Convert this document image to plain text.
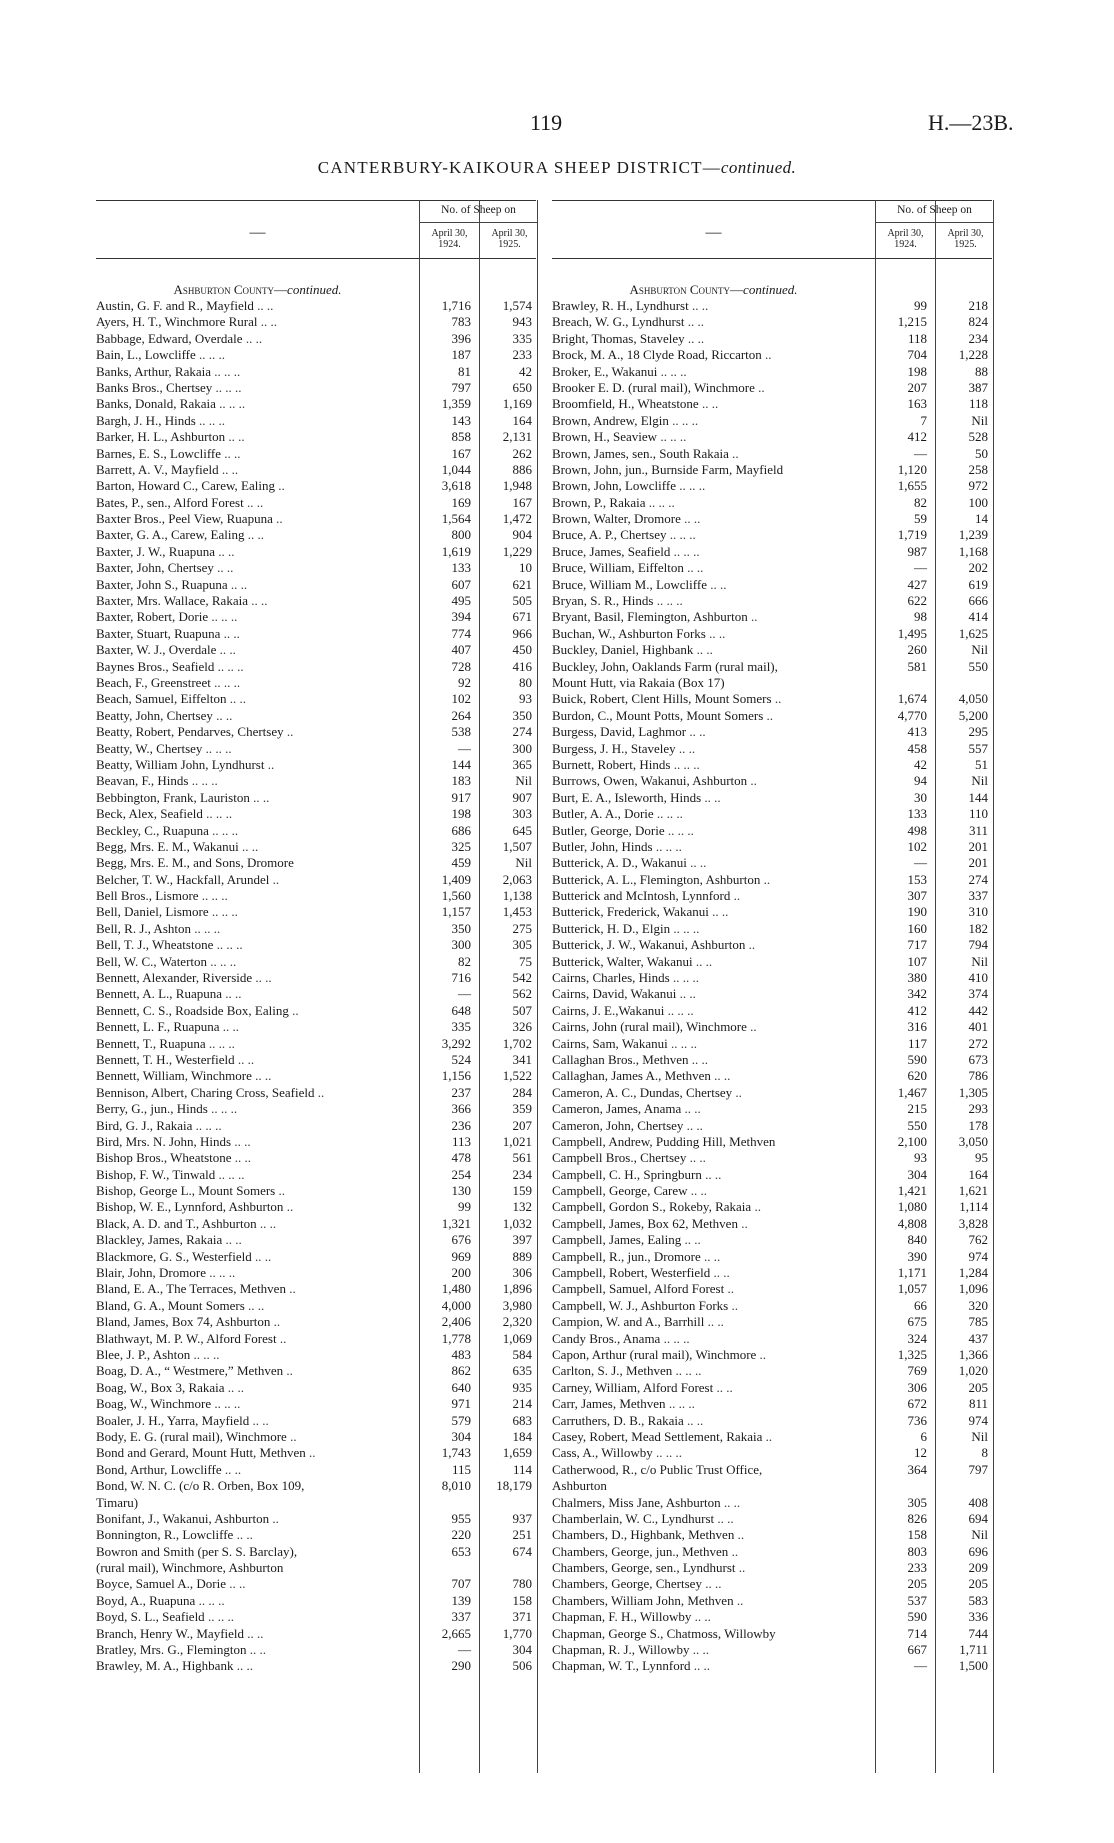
119	H.—23B.
CANTERBURY-KAIKOURA SHEEP DISTRICT—continued.
—
No. of Sheep on
April 30, 1924.
April 30, 1925.
Ashburton County—continued.
Austin, G. F. and R., Mayfield .. ..	1,716	1,574
Ayers, H. T., Winchmore Rural .. ..	783	943
Babbage, Edward, Overdale .. ..	396	335
Bain, L., Lowcliffe .. .. ..	187	233
Banks, Arthur, Rakaia .. .. ..	81	42
Banks Bros., Chertsey .. .. ..	797	650
Banks, Donald, Rakaia .. .. ..	1,359	1,169
Bargh, J. H., Hinds .. .. ..	143	164
Barker, H. L., Ashburton .. ..	858	2,131
Barnes, E. S., Lowcliffe .. ..	167	262
Barrett, A. V., Mayfield .. ..	1,044	886
Barton, Howard C., Carew, Ealing ..	3,618	1,948
Bates, P., sen., Alford Forest .. ..	169	167
Baxter Bros., Peel View, Ruapuna ..	1,564	1,472
Baxter, G. A., Carew, Ealing .. ..	800	904
Baxter, J. W., Ruapuna .. ..	1,619	1,229
Baxter, John, Chertsey .. ..	133	10
Baxter, John S., Ruapuna .. ..	607	621
Baxter, Mrs. Wallace, Rakaia .. ..	495	505
Baxter, Robert, Dorie .. .. ..	394	671
Baxter, Stuart, Ruapuna .. ..	774	966
Baxter, W. J., Overdale .. ..	407	450
Baynes Bros., Seafield .. .. ..	728	416
Beach, F., Greenstreet .. .. ..	92	80
Beach, Samuel, Eiffelton .. ..	102	93
Beatty, John, Chertsey .. ..	264	350
Beatty, Robert, Pendarves, Chertsey ..	538	274
Beatty, W., Chertsey .. .. ..	—	300
Beatty, William John, Lyndhurst ..	144	365
Beavan, F., Hinds .. .. ..	183	Nil
Bebbington, Frank, Lauriston .. ..	917	907
Beck, Alex, Seafield .. .. ..	198	303
Beckley, C., Ruapuna .. .. ..	686	645
Begg, Mrs. E. M., Wakanui .. ..	325	1,507
Begg, Mrs. E. M., and Sons, Dromore	459	Nil
Belcher, T. W., Hackfall, Arundel ..	1,409	2,063
Bell Bros., Lismore .. .. ..	1,560	1,138
Bell, Daniel, Lismore .. .. ..	1,157	1,453
Bell, R. J., Ashton .. .. ..	350	275
Bell, T. J., Wheatstone .. .. ..	300	305
Bell, W. C., Waterton .. .. ..	82	75
Bennett, Alexander, Riverside .. ..	716	542
Bennett, A. L., Ruapuna .. ..	—	562
Bennett, C. S., Roadside Box, Ealing ..	648	507
Bennett, L. F., Ruapuna .. ..	335	326
Bennett, T., Ruapuna .. .. ..	3,292	1,702
Bennett, T. H., Westerfield .. ..	524	341
Bennett, William, Winchmore .. ..	1,156	1,522
Bennison, Albert, Charing Cross, Seafield ..	237	284
Berry, G., jun., Hinds .. .. ..	366	359
Bird, G. J., Rakaia .. .. ..	236	207
Bird, Mrs. N. John, Hinds .. ..	113	1,021
Bishop Bros., Wheatstone .. ..	478	561
Bishop, F. W., Tinwald .. .. ..	254	234
Bishop, George L., Mount Somers ..	130	159
Bishop, W. E., Lynnford, Ashburton ..	99	132
Black, A. D. and T., Ashburton .. ..	1,321	1,032
Blackley, James, Rakaia .. ..	676	397
Blackmore, G. S., Westerfield .. ..	969	889
Blair, John, Dromore .. .. ..	200	306
Bland, E. A., The Terraces, Methven ..	1,480	1,896
Bland, G. A., Mount Somers .. ..	4,000	3,980
Bland, James, Box 74, Ashburton ..	2,406	2,320
Blathwayt, M. P. W., Alford Forest ..	1,778	1,069
Blee, J. P., Ashton .. .. ..	483	584
Boag, D. A., “ Westmere,” Methven ..	862	635
Boag, W., Box 3, Rakaia .. ..	640	935
Boag, W., Winchmore .. .. ..	971	214
Boaler, J. H., Yarra, Mayfield .. ..	579	683
Body, E. G. (rural mail), Winchmore ..	304	184
Bond and Gerard, Mount Hutt, Methven ..	1,743	1,659
Bond, Arthur, Lowcliffe .. ..	115	114
Bond, W. N. C. (c/o R. Orben, Box 109,	8,010	18,179
Timaru)
Bonifant, J., Wakanui, Ashburton ..	955	937
Bonnington, R., Lowcliffe .. ..	220	251
Bowron and Smith (per S. S. Barclay),	653	674
(rural mail), Winchmore, Ashburton
Boyce, Samuel A., Dorie .. ..	707	780
Boyd, A., Ruapuna .. .. ..	139	158
Boyd, S. L., Seafield .. .. ..	337	371
Branch, Henry W., Mayfield .. ..	2,665	1,770
Bratley, Mrs. G., Flemington .. ..	—	304
Brawley, M. A., Highbank .. ..	290	506
—
No. of Sheep on
April 30, 1924.
April 30, 1925.
Ashburton County—continued.
Brawley, R. H., Lyndhurst .. ..	99	218
Breach, W. G., Lyndhurst .. ..	1,215	824
Bright, Thomas, Staveley .. ..	118	234
Brock, M. A., 18 Clyde Road, Riccarton ..	704	1,228
Broker, E., Wakanui .. .. ..	198	88
Brooker E. D. (rural mail), Winchmore ..	207	387
Broomfield, H., Wheatstone .. ..	163	118
Brown, Andrew, Elgin .. .. ..	7	Nil
Brown, H., Seaview .. .. ..	412	528
Brown, James, sen., South Rakaia ..	—	50
Brown, John, jun., Burnside Farm, Mayfield	1,120	258
Brown, John, Lowcliffe .. .. ..	1,655	972
Brown, P., Rakaia .. .. ..	82	100
Brown, Walter, Dromore .. ..	59	14
Bruce, A. P., Chertsey .. .. ..	1,719	1,239
Bruce, James, Seafield .. .. ..	987	1,168
Bruce, William, Eiffelton .. ..	—	202
Bruce, William M., Lowcliffe .. ..	427	619
Bryan, S. R., Hinds .. .. ..	622	666
Bryant, Basil, Flemington, Ashburton ..	98	414
Buchan, W., Ashburton Forks .. ..	1,495	1,625
Buckley, Daniel, Highbank .. ..	260	Nil
Buckley, John, Oaklands Farm (rural mail),	581	550
Mount Hutt, via Rakaia (Box 17)
Buick, Robert, Clent Hills, Mount Somers ..	1,674	4,050
Burdon, C., Mount Potts, Mount Somers ..	4,770	5,200
Burgess, David, Laghmor .. ..	413	295
Burgess, J. H., Staveley .. ..	458	557
Burnett, Robert, Hinds .. .. ..	42	51
Burrows, Owen, Wakanui, Ashburton ..	94	Nil
Burt, E. A., Isleworth, Hinds .. ..	30	144
Butler, A. A., Dorie .. .. ..	133	110
Butler, George, Dorie .. .. ..	498	311
Butler, John, Hinds .. .. ..	102	201
Butterick, A. D., Wakanui .. ..	—	201
Butterick, A. L., Flemington, Ashburton ..	153	274
Butterick and McIntosh, Lynnford ..	307	337
Butterick, Frederick, Wakanui .. ..	190	310
Butterick, H. D., Elgin .. .. ..	160	182
Butterick, J. W., Wakanui, Ashburton ..	717	794
Butterick, Walter, Wakanui .. ..	107	Nil
Cairns, Charles, Hinds .. .. ..	380	410
Cairns, David, Wakanui .. ..	342	374
Cairns, J. E.,Wakanui .. .. ..	412	442
Cairns, John (rural mail), Winchmore ..	316	401
Cairns, Sam, Wakanui .. .. ..	117	272
Callaghan Bros., Methven .. ..	590	673
Callaghan, James A., Methven .. ..	620	786
Cameron, A. C., Dundas, Chertsey ..	1,467	1,305
Cameron, James, Anama .. ..	215	293
Cameron, John, Chertsey .. ..	550	178
Campbell, Andrew, Pudding Hill, Methven	2,100	3,050
Campbell Bros., Chertsey .. ..	93	95
Campbell, C. H., Springburn .. ..	304	164
Campbell, George, Carew .. ..	1,421	1,621
Campbell, Gordon S., Rokeby, Rakaia ..	1,080	1,114
Campbell, James, Box 62, Methven ..	4,808	3,828
Campbell, James, Ealing .. ..	840	762
Campbell, R., jun., Dromore .. ..	390	974
Campbell, Robert, Westerfield .. ..	1,171	1,284
Campbell, Samuel, Alford Forest ..	1,057	1,096
Campbell, W. J., Ashburton Forks ..	66	320
Campion, W. and A., Barrhill .. ..	675	785
Candy Bros., Anama .. .. ..	324	437
Capon, Arthur (rural mail), Winchmore ..	1,325	1,366
Carlton, S. J., Methven .. .. ..	769	1,020
Carney, William, Alford Forest .. ..	306	205
Carr, James, Methven .. .. ..	672	811
Carruthers, D. B., Rakaia .. ..	736	974
Casey, Robert, Mead Settlement, Rakaia ..	6	Nil
Cass, A., Willowby .. .. ..	12	8
Catherwood, R., c/o Public Trust Office,	364	797
Ashburton
Chalmers, Miss Jane, Ashburton .. ..	305	408
Chamberlain, W. C., Lyndhurst .. ..	826	694
Chambers, D., Highbank, Methven ..	158	Nil
Chambers, George, jun., Methven ..	803	696
Chambers, George, sen., Lyndhurst ..	233	209
Chambers, George, Chertsey .. ..	205	205
Chambers, William John, Methven ..	537	583
Chapman, F. H., Willowby .. ..	590	336
Chapman, George S., Chatmoss, Willowby	714	744
Chapman, R. J., Willowby .. ..	667	1,711
Chapman, W. T., Lynnford .. ..	—	1,500
